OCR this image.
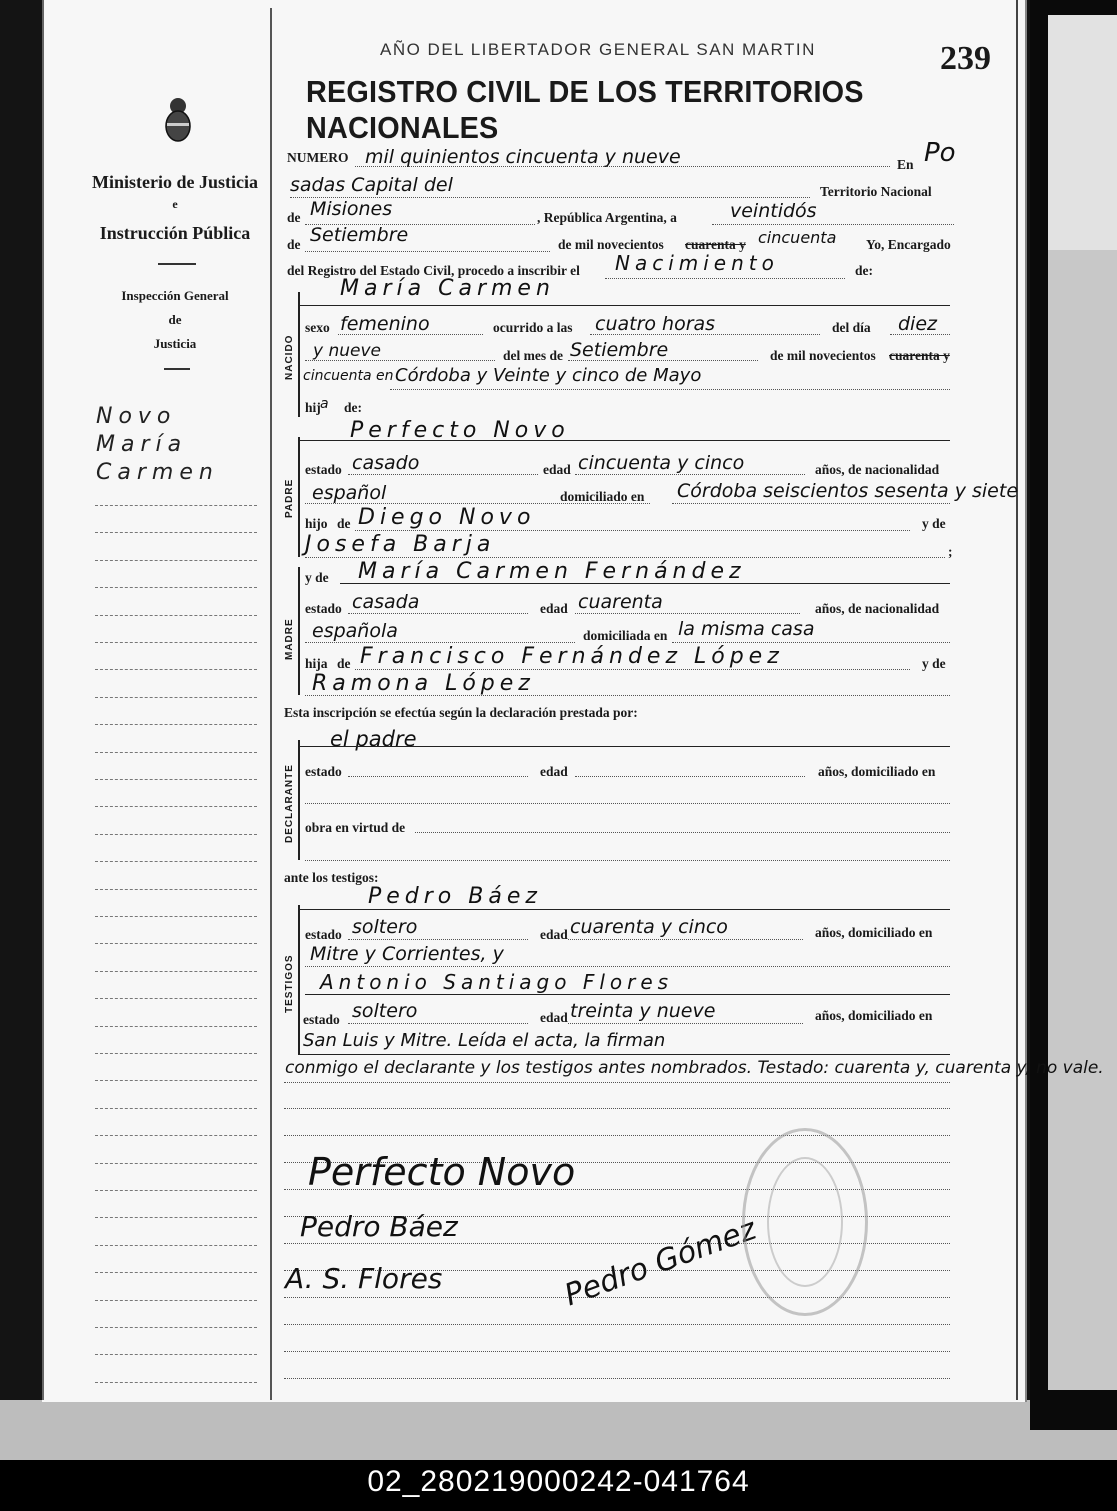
Ministerio de Justicia
e
Instrucción Pública
Inspección General
de
Justicia
Novo
María
Carmen
AÑO DEL LIBERTADOR GENERAL SAN MARTIN
REGISTRO CIVIL DE LOS TERRITORIOS NACIONALES
239
NUMERO mil quinientos cincuenta y nueve	En Po
sadas Capital del	Territorio Nacional
de Misiones	, República Argentina, a	veintidós
de Setiembre	de mil novecientos cuarenta y cincuenta Yo, Encargado
del Registro del Estado Civil, procedo a inscribir el Nacimiento	de:
NACIDO
María Carmen
sexo femenino	ocurrido a las cuatro horas	del día diez
y nueve	del mes de Setiembre	de mil novecientos cuarenta y
cincuenta en Córdoba y Veinte y cinco de Mayo
hij a de:
PADRE
Perfecto Novo
estado casado	edad cincuenta y cinco	años, de nacionalidad
español	domiciliado en Córdoba seiscientos sesenta y siete
hijo de Diego Novo	y de
Josefa Barja	;
MADRE
y de María Carmen Fernández
estado casada	edad cuarenta	años, de nacionalidad
española	domiciliada en la misma casa
hija de Francisco Fernández López	y de
Ramona López
Esta inscripción se efectúa según la declaración prestada por:
DECLARANTE
el padre
estado	edad	años, domiciliado en
obra en virtud de
ante los testigos:
TESTIGOS
Pedro Báez
estado soltero	edad cuarenta y cinco	años, domiciliado en
Mitre y Corrientes, y
Antonio Santiago Flores
estado soltero	edad treinta y nueve	años, domiciliado en
San Luis y Mitre. Leída el acta, la firman
conmigo el declarante y los testigos antes nombrados. Testado: cuarenta y, cuarenta y, no vale.
Perfecto Novo
Pedro Báez
A. S. Flores	Pedro Gómez
02_280219000242-041764
